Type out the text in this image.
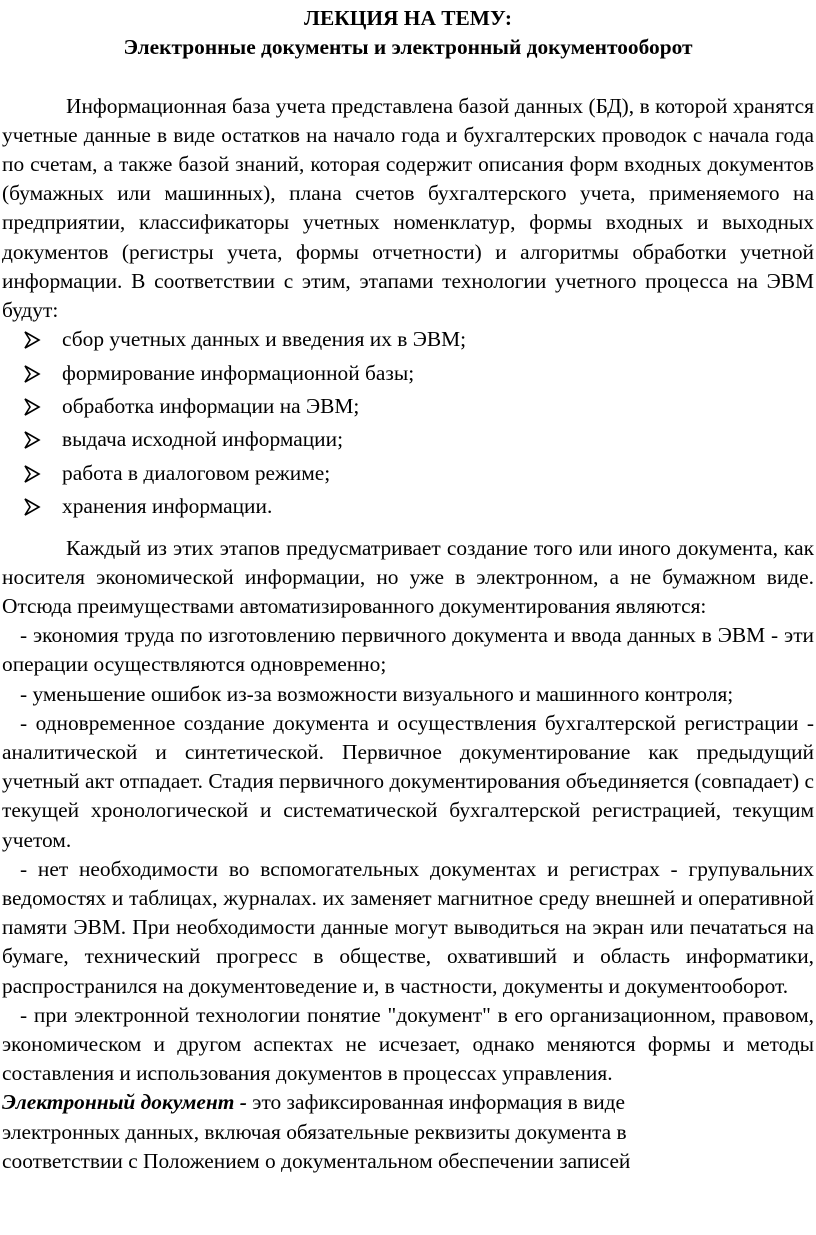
ЛЕКЦИЯ НА ТЕМУ:
Электронные документы и электронный документооборот

Информационная база учета представлена базой данных (БД), в которой хранятся учетные данные в виде остатков на начало года и бухгалтерских проводок с начала года по счетам, а также базой знаний, которая содержит описания форм входных документов (бумажных или машинных), плана счетов бухгалтерского учета, применяемого на предприятии, классификаторы учетных номенклатур, формы входных и выходных документов (регистры учета, формы отчетности) и алгоритмы обработки учетной информации. В соответствии с этим, этапами технологии учетного процесса на ЭВМ будут:

сбор учетных данных и введения их в ЭВМ;
формирование информационной базы;
обработка информации на ЭВМ;
выдача исходной информации;
работа в диалоговом режиме;
хранения информации.

Каждый из этих этапов предусматривает создание того или иного документа, как носителя экономической информации, но уже в электронном, а не бумажном виде. Отсюда преимуществами автоматизированного документирования являются:

- экономия труда по изготовлению первичного документа и ввода данных в ЭВМ - эти операции осуществляются одновременно;

- уменьшение ошибок из-за возможности визуального и машинного контроля;

- одновременное создание документа и осуществления бухгалтерской регистрации - аналитической и синтетической. Первичное документирование как предыдущий учетный акт отпадает. Стадия первичного документирования объединяется (совпадает) с текущей хронологической и систематической бухгалтерской регистрацией, текущим учетом.

- нет необходимости во вспомогательных документах и регистрах - групувальних ведомостях и таблицах, журналах. их заменяет магнитное среду внешней и оперативной памяти ЭВМ. При необходимости данные могут выводиться на экран или печататься на бумаге, технический прогресс в обществе, охвативший и область информатики, распространился на документоведение и, в частности, документы и документооборот.

- при электронной технологии понятие "документ" в его организационном, правовом, экономическом и другом аспектах не исчезает, однако меняются формы и методы составления и использования документов в процессах управления.

Электронный документ - это зафиксированная информация в виде электронных данных, включая обязательные реквизиты документа в соответствии с Положением о документальном обеспечении записей
